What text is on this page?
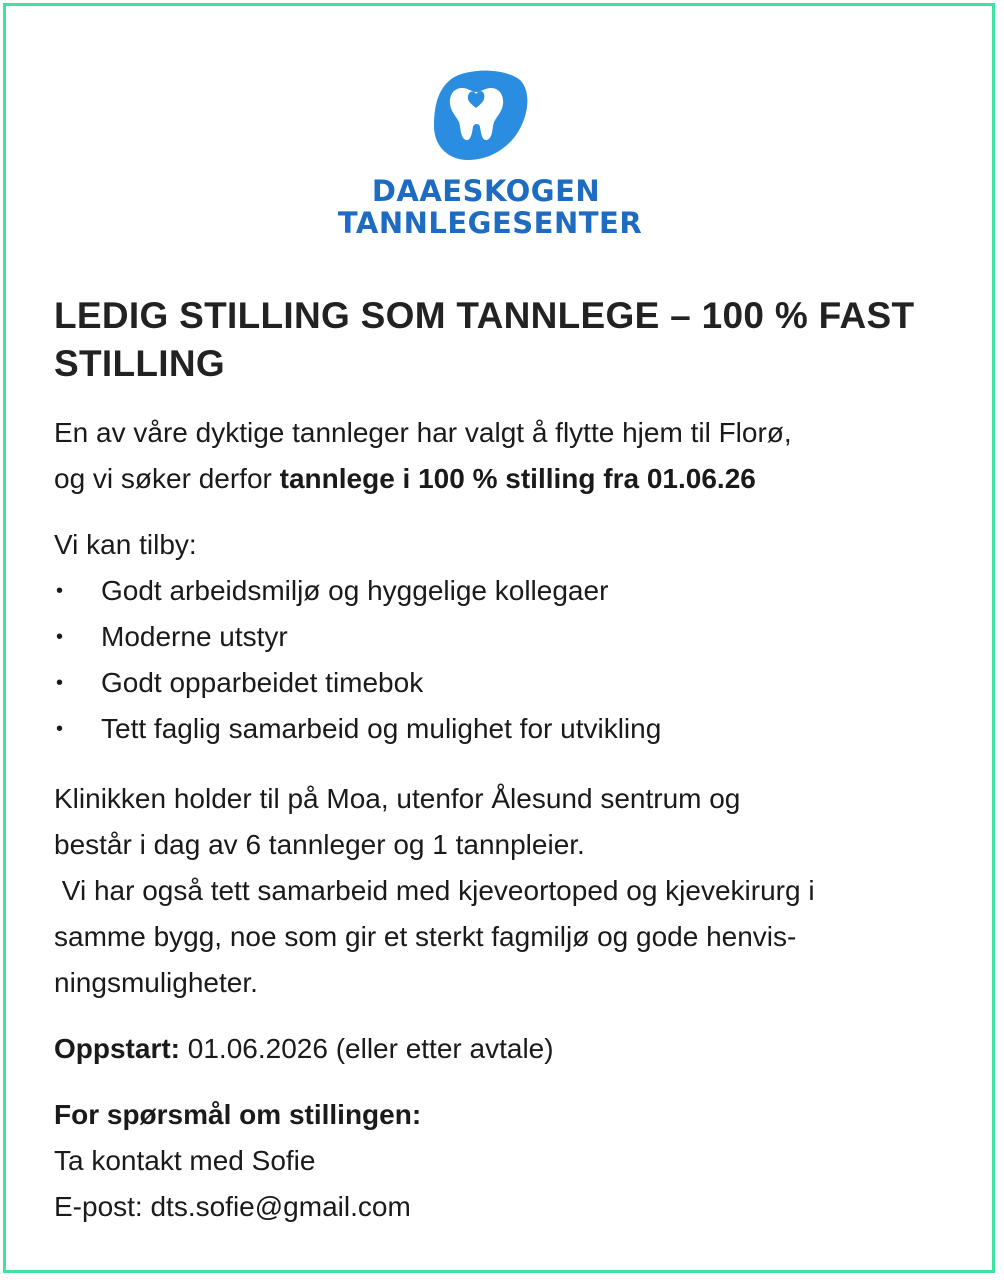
DAAESKOGEN
TANNLEGESENTER
LEDIG STILLING SOM TANNLEGE – 100 % FAST STILLING
En av våre dyktige tannleger har valgt å flytte hjem til Florø,
og vi søker derfor tannlege i 100 % stilling fra 01.06.26
Vi kan tilby:
• Godt arbeidsmiljø og hyggelige kollegaer
• Moderne utstyr
• Godt opparbeidet timebok
• Tett faglig samarbeid og mulighet for utvikling
Klinikken holder til på Moa, utenfor Ålesund sentrum og
består i dag av 6 tannleger og 1 tannpleier.
Vi har også tett samarbeid med kjeveortoped og kjevekirurg i
samme bygg, noe som gir et sterkt fagmiljø og gode henvis-
ningsmuligheter.
Oppstart: 01.06.2026 (eller etter avtale)
For spørsmål om stillingen:
Ta kontakt med Sofie
E-post: dts.sofie@gmail.com
